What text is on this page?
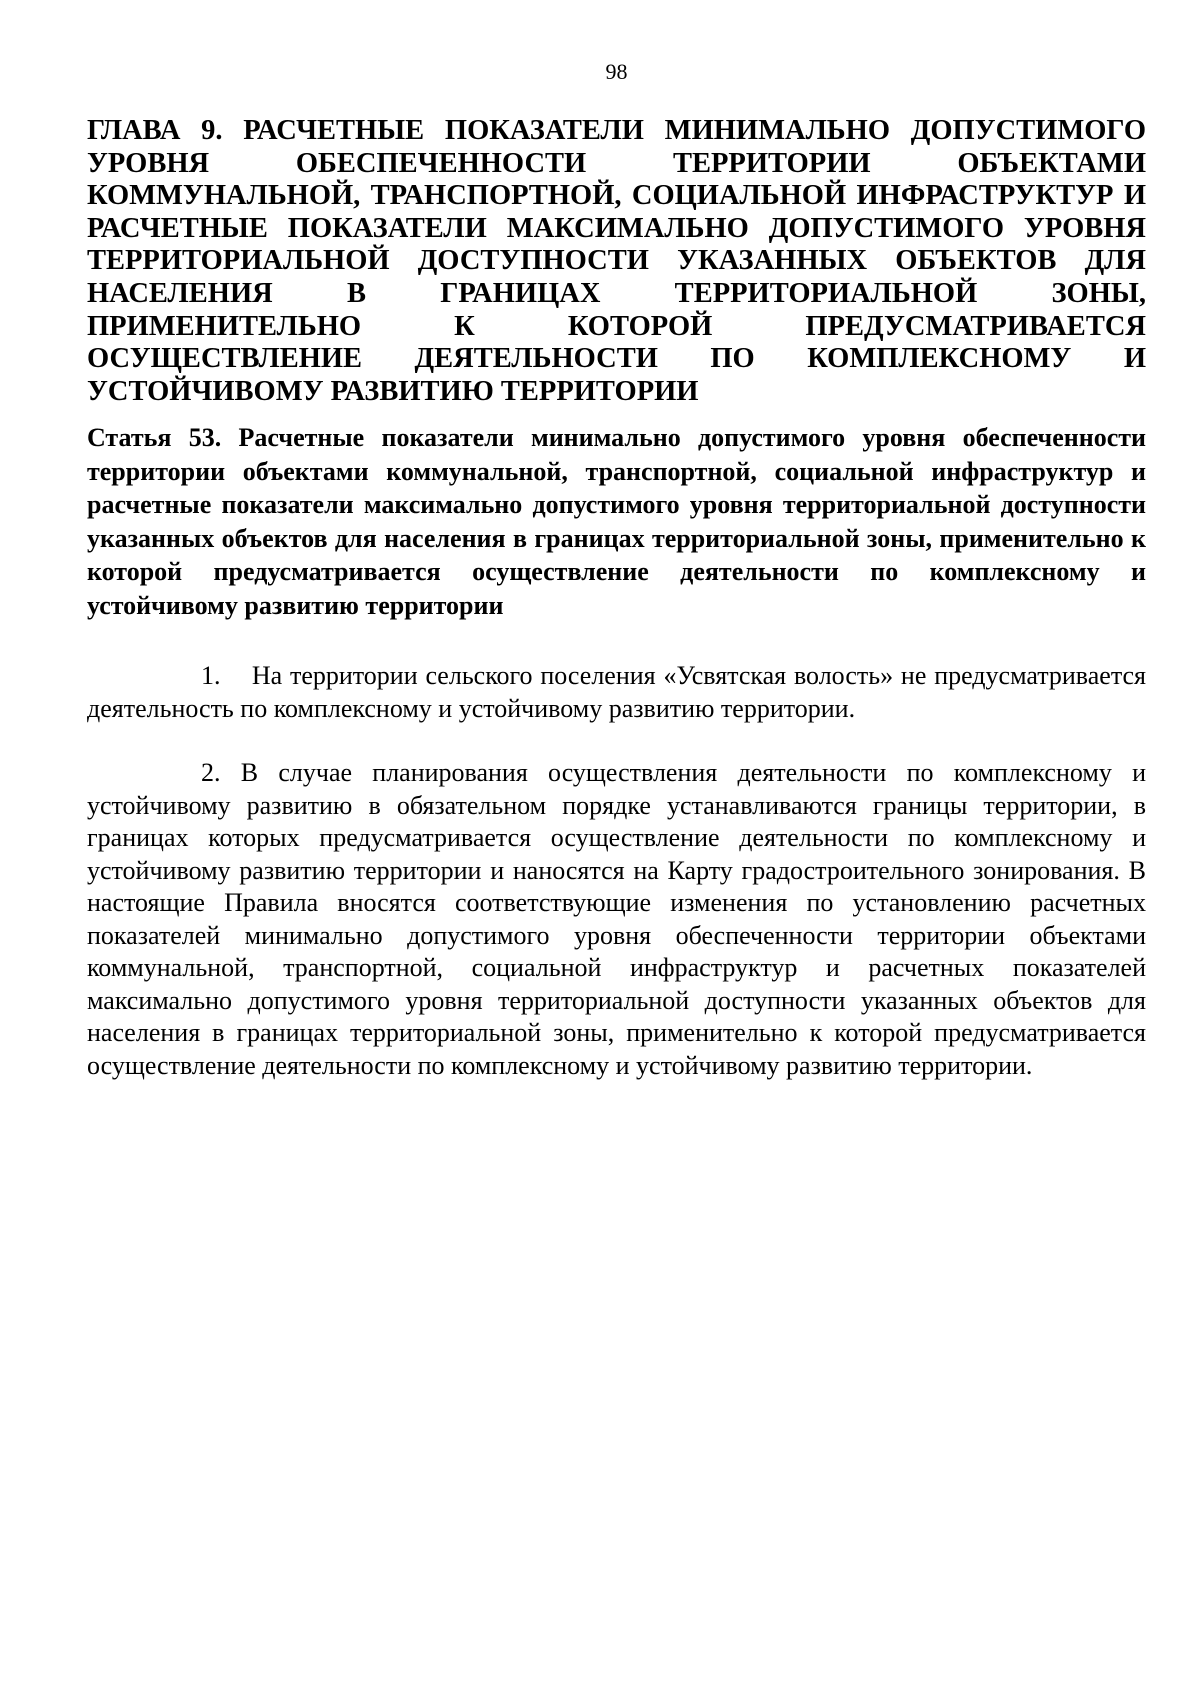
98
ГЛАВА 9. РАСЧЕТНЫЕ ПОКАЗАТЕЛИ МИНИМАЛЬНО ДОПУСТИМОГО УРОВНЯ ОБЕСПЕЧЕННОСТИ ТЕРРИТОРИИ ОБЪЕКТАМИ КОММУНАЛЬНОЙ, ТРАНСПОРТНОЙ, СОЦИАЛЬНОЙ ИНФРАСТРУКТУР И РАСЧЕТНЫЕ ПОКАЗАТЕЛИ МАКСИМАЛЬНО ДОПУСТИМОГО УРОВНЯ ТЕРРИТОРИАЛЬНОЙ ДОСТУПНОСТИ УКАЗАННЫХ ОБЪЕКТОВ ДЛЯ НАСЕЛЕНИЯ В ГРАНИЦАХ ТЕРРИТОРИАЛЬНОЙ ЗОНЫ, ПРИМЕНИТЕЛЬНО К КОТОРОЙ ПРЕДУСМАТРИВАЕТСЯ ОСУЩЕСТВЛЕНИЕ ДЕЯТЕЛЬНОСТИ ПО КОМПЛЕКСНОМУ И УСТОЙЧИВОМУ РАЗВИТИЮ ТЕРРИТОРИИ
Статья 53. Расчетные показатели минимально допустимого уровня обеспеченности территории объектами коммунальной, транспортной, социальной инфраструктур и расчетные показатели максимально допустимого уровня территориальной доступности указанных объектов для населения в границах территориальной зоны, применительно к которой предусматривается осуществление деятельности по комплексному и устойчивому развитию территории

1. На территории сельского поселения «Усвятская волость» не предусматривается деятельность по комплексному и устойчивому развитию территории.

2. В случае планирования осуществления деятельности по комплексному и устойчивому развитию в обязательном порядке устанавливаются границы территории, в границах которых предусматривается осуществление деятельности по комплексному и устойчивому развитию территории и наносятся на Карту градостроительного зонирования. В настоящие Правила вносятся соответствующие изменения по установлению расчетных показателей минимально допустимого уровня обеспеченности территории объектами коммунальной, транспортной, социальной инфраструктур и расчетных показателей максимально допустимого уровня территориальной доступности указанных объектов для населения в границах территориальной зоны, применительно к которой предусматривается осуществление деятельности по комплексному и устойчивому развитию территории.
